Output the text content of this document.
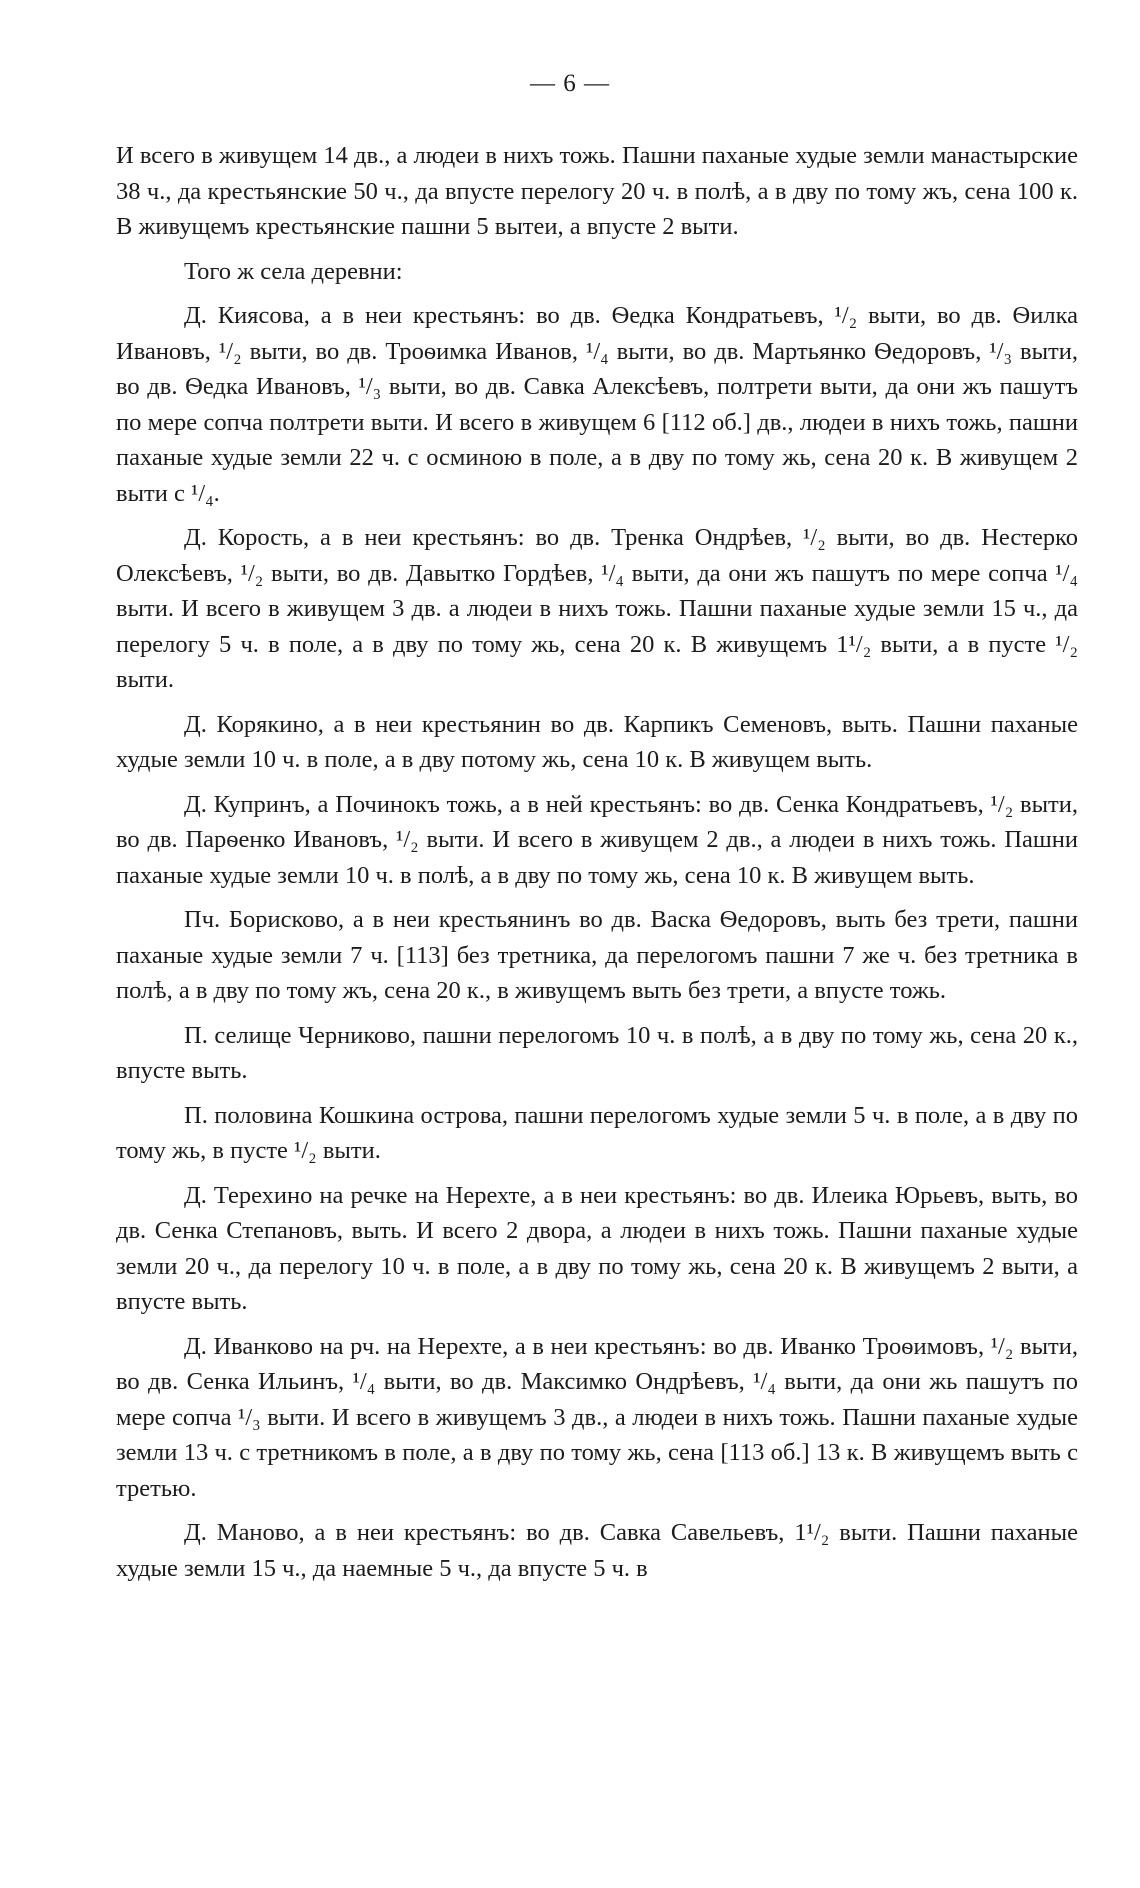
— 6 —

И всего в живущем 14 дв., а людеи в нихъ тожь. Пашни паханые худые земли манастырские 38 ч., да крестьянские 50 ч., да впусте перелогу 20 ч. в полѣ, а в дву по тому жъ, сена 100 к. В живущемъ крестьянские пашни 5 вытеи, а впусте 2 выти.

Того ж села деревни:

Д. Киясова, а в неи крестьянъ: во дв. Ѳедка Кондратьевъ, ¹/₂ выти, во дв. Ѳилка Ивановъ, ¹/₂ выти, во дв. Троѳимка Иванов, ¹/₄ выти, во дв. Мартьянко Ѳедоровъ, ¹/₃ выти, во дв. Ѳедка Ивановъ, ¹/₃ выти, во дв. Савка Алексѣевъ, полтрети выти, да они жъ пашутъ по мере сопча полтрети выти. И всего в живущем 6 [112 об.] дв., людеи в нихъ тожь, пашни паханые худые земли 22 ч. с осминою в поле, а в дву по тому жь, сена 20 к. В живущем 2 выти с ¹/₄.

Д. Корость, а в неи крестьянъ: во дв. Тренка Ондрѣев, ¹/₂ выти, во дв. Нестерко Олексѣевъ, ¹/₂ выти, во дв. Давытко Гордѣев, ¹/₄ выти, да они жъ пашутъ по мере сопча ¹/₄ выти. И всего в живущем 3 дв. а людеи в нихъ тожь. Пашни паханые худые земли 15 ч., да перелогу 5 ч. в поле, а в дву по тому жь, сена 20 к. В живущемъ 1¹/₂ выти, а в пусте ¹/₂ выти.

Д. Корякино, а в неи крестьянин во дв. Карпикъ Семеновъ, выть. Пашни паханые худые земли 10 ч. в поле, а в дву потому жь, сена 10 к. В живущем выть.

Д. Купринъ, а Починокъ тожь, а в ней крестьянъ: во дв. Сенка Кондратьевъ, ¹/₂ выти, во дв. Парѳенко Ивановъ, ¹/₂ выти. И всего в живущем 2 дв., а людеи в нихъ тожь. Пашни паханые худые земли 10 ч. в полѣ, а в дву по тому жь, сена 10 к. В живущем выть.

Пч. Борисково, а в неи крестьянинъ во дв. Васка Ѳедоровъ, выть без трети, пашни паханые худые земли 7 ч. [113] без третника, да перелогомъ пашни 7 же ч. без третника в полѣ, а в дву по тому жъ, сена 20 к., в живущемъ выть без трети, а впусте тожь.

П. селище Черниково, пашни перелогомъ 10 ч. в полѣ, а в дву по тому жь, сена 20 к., впусте выть.

П. половина Кошкина острова, пашни перелогомъ худые земли 5 ч. в поле, а в дву по тому жь, в пусте ¹/₂ выти.

Д. Терехино на речке на Нерехте, а в неи крестьянъ: во дв. Илеика Юрьевъ, выть, во дв. Сенка Степановъ, выть. И всего 2 двора, а людеи в нихъ тожь. Пашни паханые худые земли 20 ч., да перелогу 10 ч. в поле, а в дву по тому жь, сена 20 к. В живущемъ 2 выти, а впусте выть.

Д. Иванково на рч. на Нерехте, а в неи крестьянъ: во дв. Иванко Троѳимовъ, ¹/₂ выти, во дв. Сенка Ильинъ, ¹/₄ выти, во дв. Максимко Ондрѣевъ, ¹/₄ выти, да они жь пашутъ по мере сопча ¹/₃ выти. И всего в живущемъ 3 дв., а людеи в нихъ тожь. Пашни паханые худые земли 13 ч. с третникомъ в поле, а в дву по тому жь, сена [113 об.] 13 к. В живущемъ выть с третью.

Д. Маново, а в неи крестьянъ: во дв. Савка Савельевъ, 1¹/₂ выти. Пашни паханые худые земли 15 ч., да наемные 5 ч., да впусте 5 ч. в
